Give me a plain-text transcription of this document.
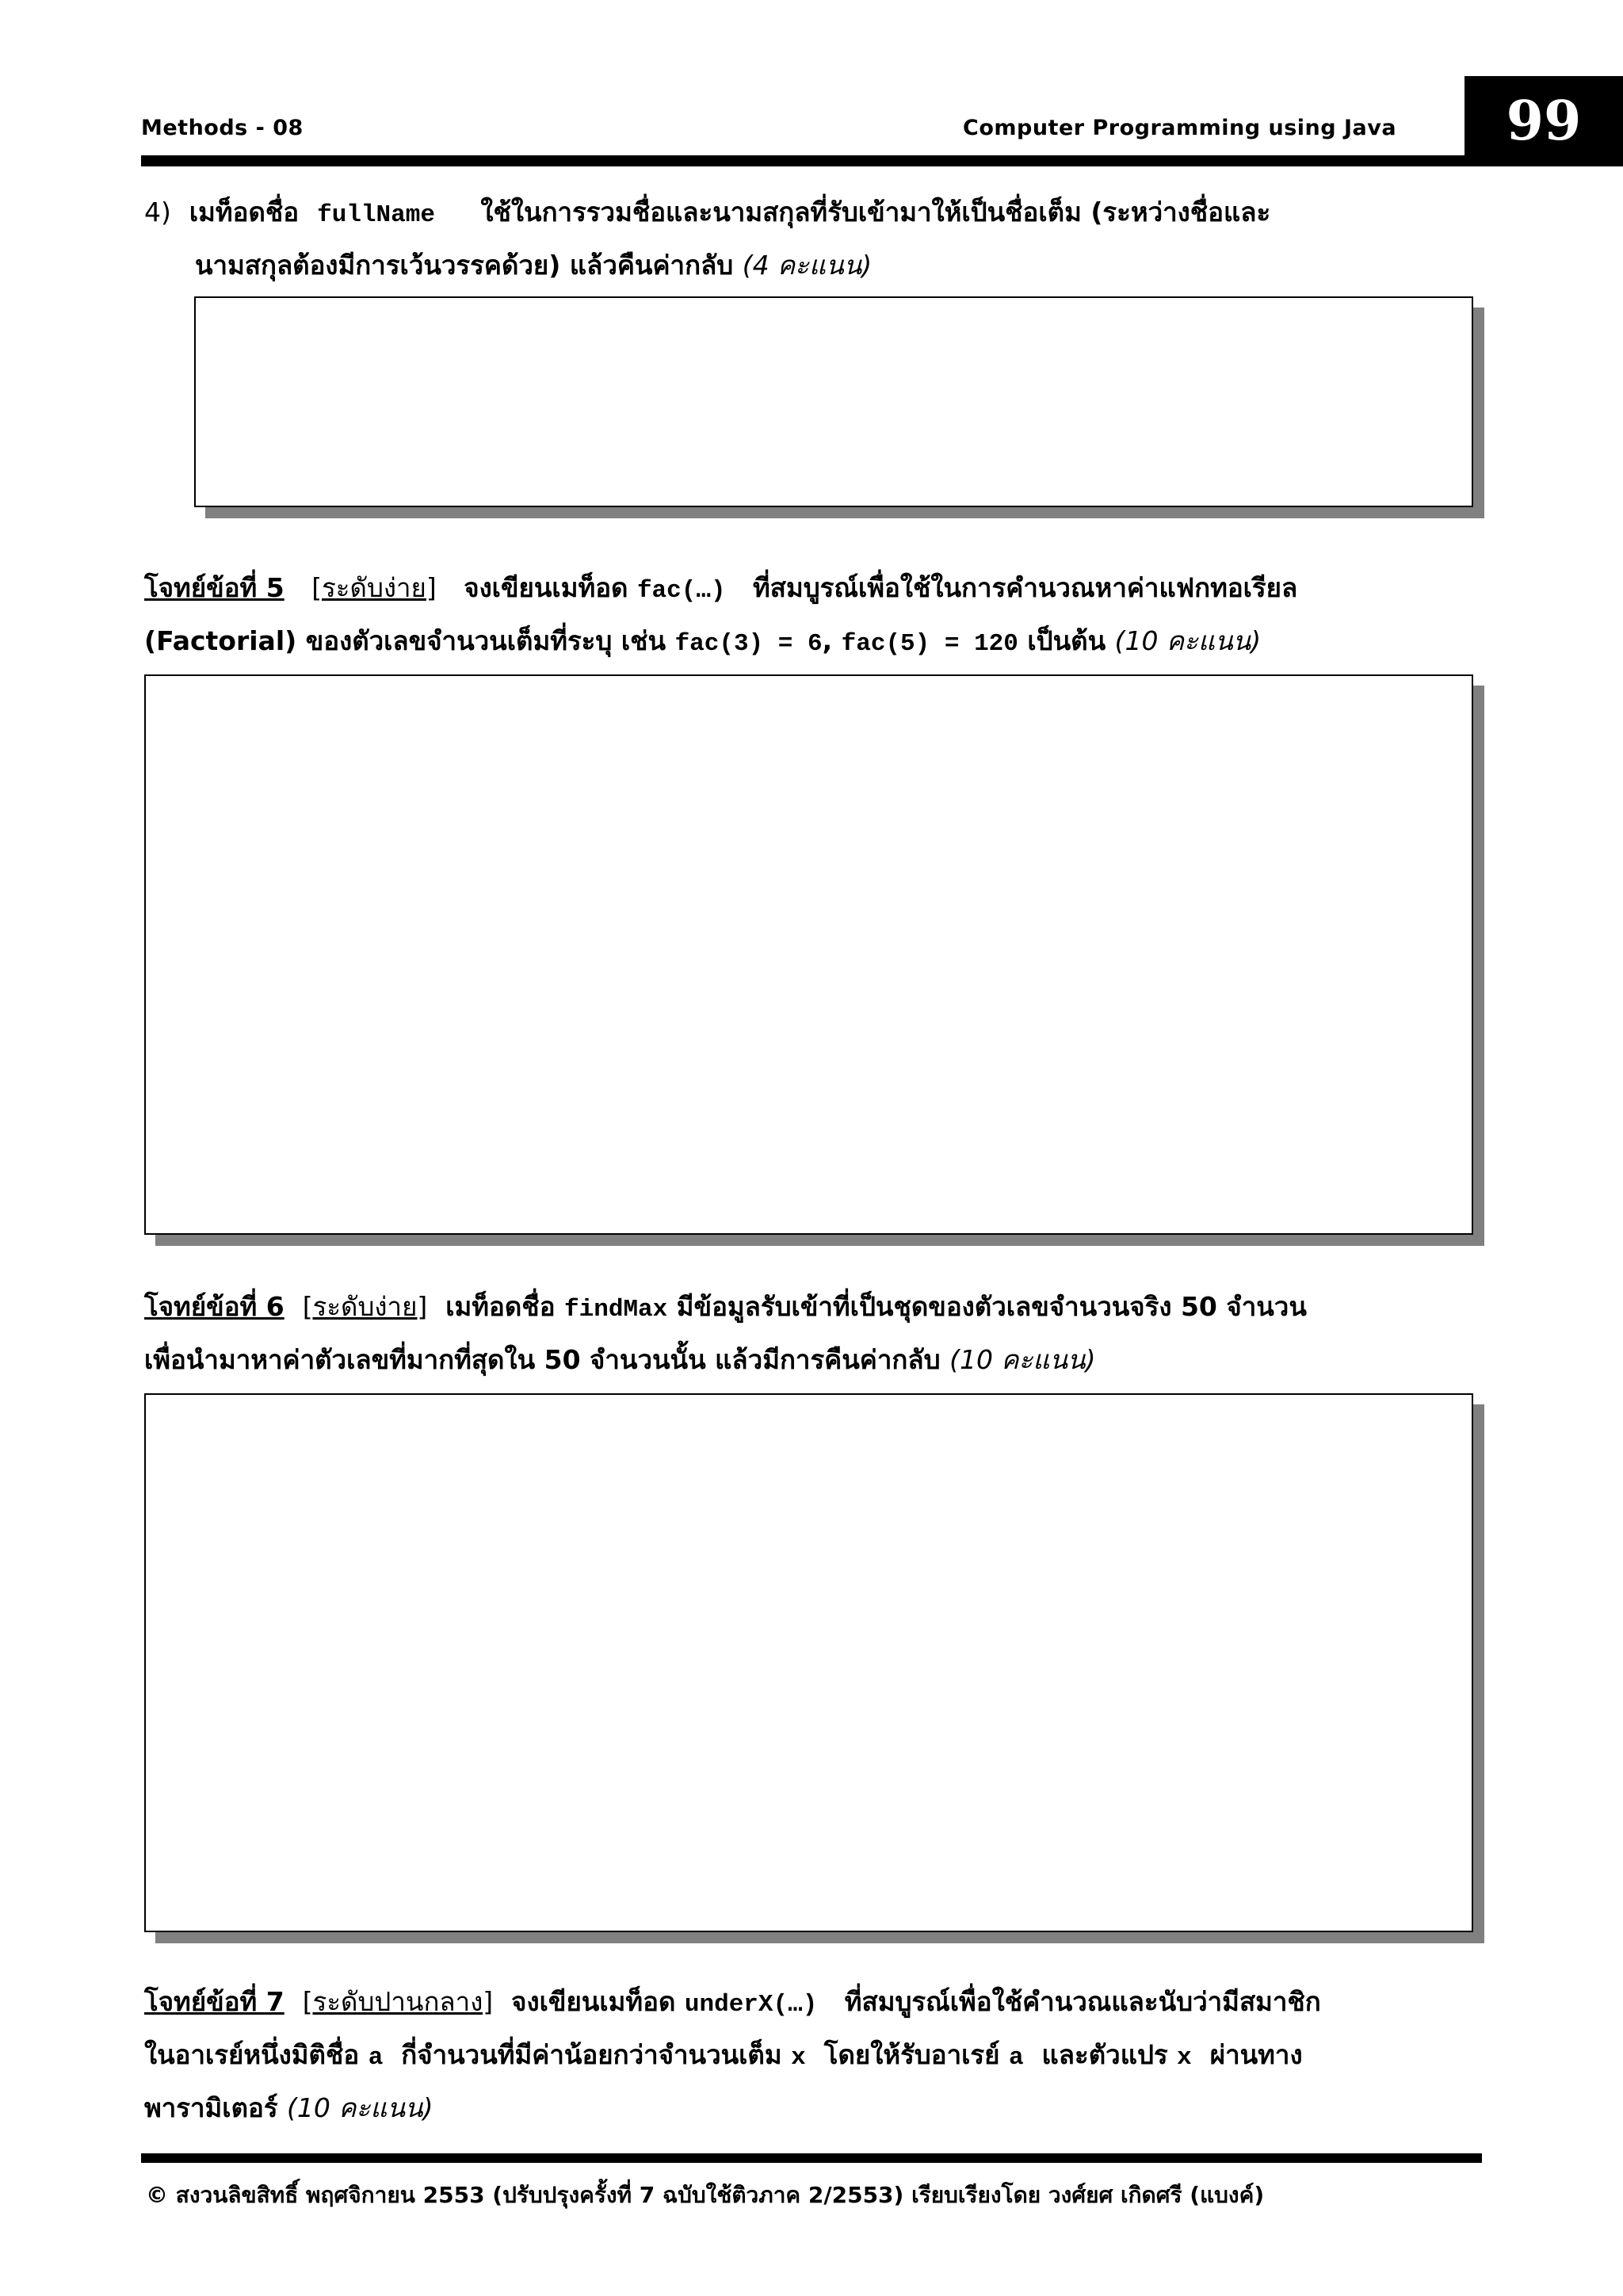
Methods - 08	Computer Programming using Java	99
4) เมท็อดชื่อ fullName ใช้ในการรวมชื่อและนามสกุลที่รับเข้ามาให้เป็นชื่อเต็ม (ระหว่างชื่อและ
นามสกุลต้องมีการเว้นวรรคด้วย) แล้วคืนค่ากลับ (4 คะแนน)
โจทย์ข้อที่ 5 [ระดับง่าย] จงเขียนเมท็อด fac(…) ที่สมบูรณ์เพื่อใช้ในการคำนวณหาค่าแฟกทอเรียล
(Factorial) ของตัวเลขจำนวนเต็มที่ระบุ เช่น fac(3) = 6, fac(5) = 120 เป็นต้น (10 คะแนน)
โจทย์ข้อที่ 6 [ระดับง่าย] เมท็อดชื่อ findMax มีข้อมูลรับเข้าที่เป็นชุดของตัวเลขจำนวนจริง 50 จำนวน
เพื่อนำมาหาค่าตัวเลขที่มากที่สุดใน 50 จำนวนนั้น แล้วมีการคืนค่ากลับ (10 คะแนน)
โจทย์ข้อที่ 7 [ระดับปานกลาง] จงเขียนเมท็อด underX(…) ที่สมบูรณ์เพื่อใช้คำนวณและนับว่ามีสมาชิก
ในอาเรย์หนึ่งมิติชื่อ a กี่จำนวนที่มีค่าน้อยกว่าจำนวนเต็ม x โดยให้รับอาเรย์ a และตัวแปร x ผ่านทาง
พารามิเตอร์ (10 คะแนน)
© สงวนลิขสิทธิ์ พฤศจิกายน 2553 (ปรับปรุงครั้งที่ 7 ฉบับใช้ติวภาค 2/2553) เรียบเรียงโดย วงศ์ยศ เกิดศรี (แบงค์)
